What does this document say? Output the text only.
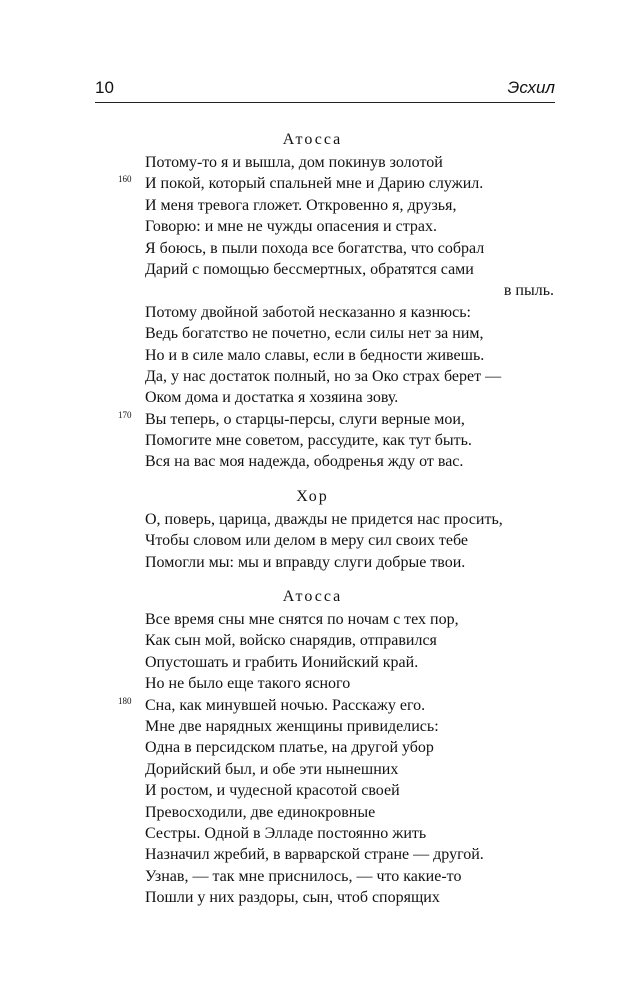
10	Эсхил
Атосса
Потому-то я и вышла, дом покинув золотой
160 И покой, который спальней мне и Дарию служил.
И меня тревога гложет. Откровенно я, друзья,
Говорю: и мне не чужды опасения и страх.
Я боюсь, в пыли похода все богатства, что собрал
Дарий с помощью бессмертных, обратятся сами
в пыль.
Потому двойной заботой несказанно я казнюсь:
Ведь богатство не почетно, если силы нет за ним,
Но и в силе мало славы, если в бедности живешь.
Да, у нас достаток полный, но за Око страх берет —
Оком дома и достатка я хозяина зову.
170 Вы теперь, о старцы-персы, слуги верные мои,
Помогите мне советом, рассудите, как тут быть.
Вся на вас моя надежда, ободренья жду от вас.
Хор
О, поверь, царица, дважды не придется нас просить,
Чтобы словом или делом в меру сил своих тебе
Помогли мы: мы и вправду слуги добрые твои.
Атосса
Все время сны мне снятся по ночам с тех пор,
Как сын мой, войско снарядив, отправился
Опустошать и грабить Ионийский край.
Но не было еще такого ясного
180 Сна, как минувшей ночью. Расскажу его.
Мне две нарядных женщины привиделись:
Одна в персидском платье, на другой убор
Дорийский был, и обе эти нынешних
И ростом, и чудесной красотой своей
Превосходили, две единокровные
Сестры. Одной в Элладе постоянно жить
Назначил жребий, в варварской стране — другой.
Узнав, — так мне приснилось, — что какие-то
Пошли у них раздоры, сын, чтоб спорящих
